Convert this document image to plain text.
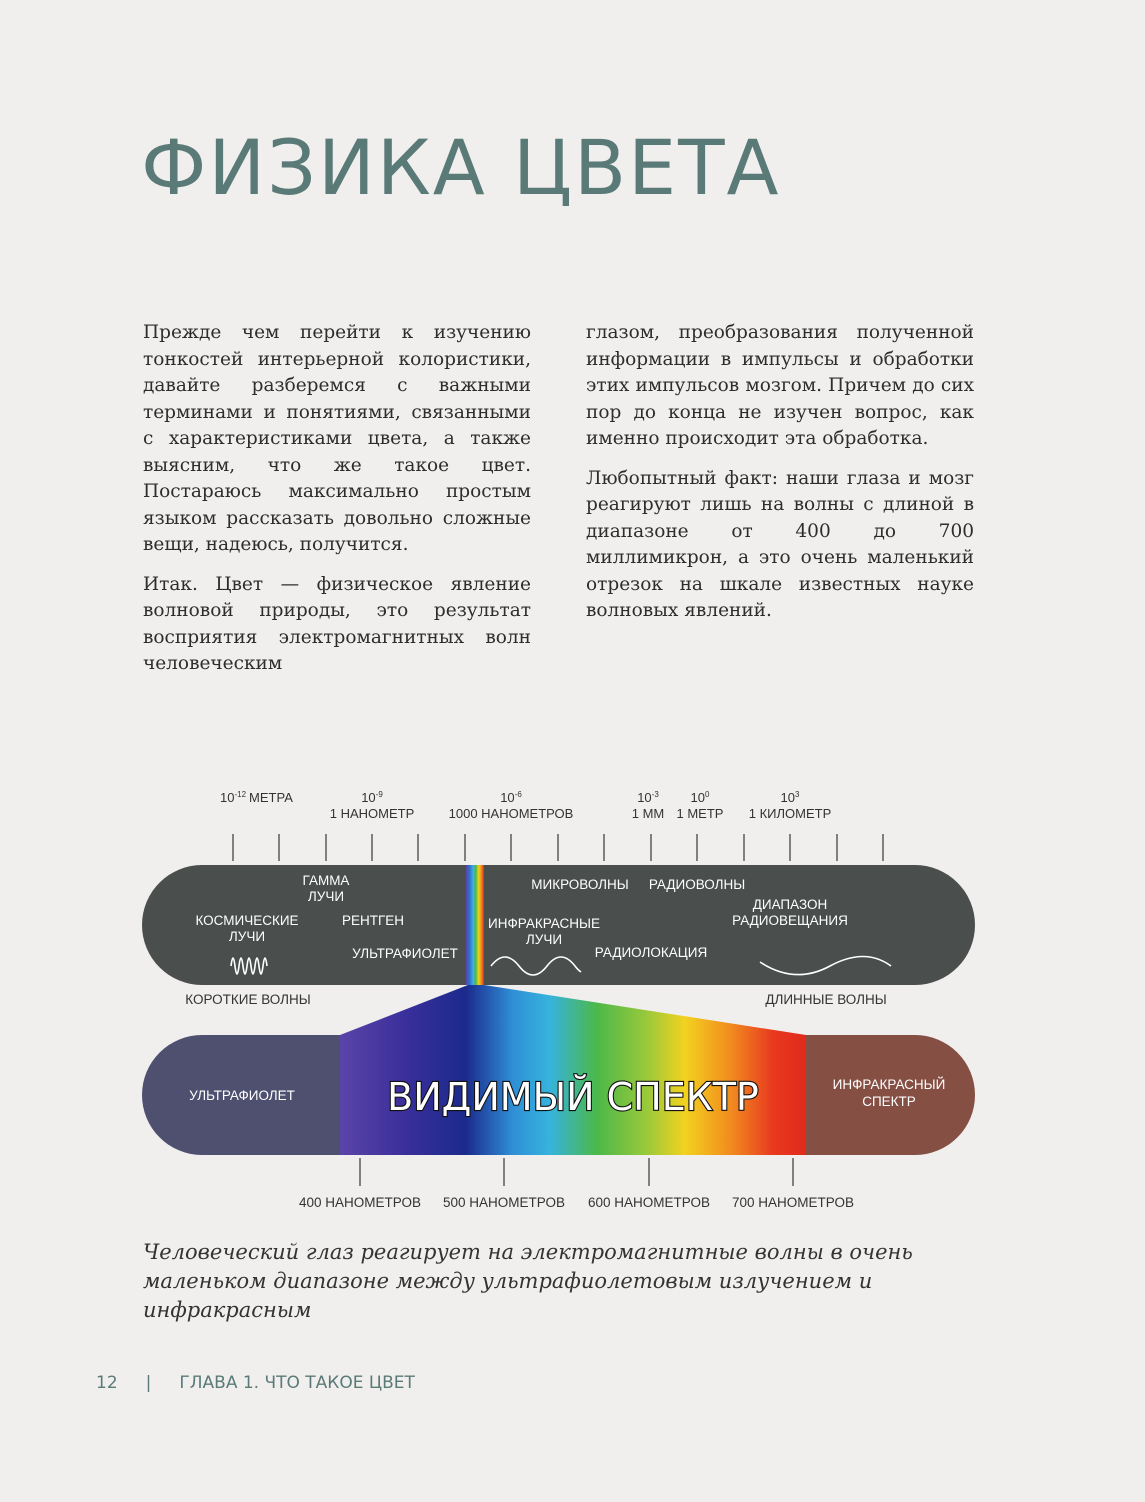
ФИЗИКА ЦВЕТА

Прежде чем перейти к изучению тонкостей интерьерной колористики, давайте разберемся с важными терминами и понятиями, связанными с характеристиками цвета, а также выясним, что же такое цвет. Постараюсь максимально простым языком рассказать довольно сложные вещи, надеюсь, получится.

Итак. Цвет — физическое явление волновой природы, это результат восприятия электромагнитных волн человеческим

глазом, преобразования полученной информации в импульсы и обработки этих импульсов мозгом. Причем до сих пор до конца не изучен вопрос, как именно происходит эта обработка.

Любопытный факт: наши глаза и мозг реагируют лишь на волны с длиной в диапазоне от 400 до 700 миллимикрон, а это очень маленький отрезок на шкале известных науке волновых явлений.

$10^{-12}$ МЕТРА	$10^{-9}$
1 НАНОМЕТР
$10^{-6}$
1000 НАНОМЕТРОВ
$10^{-3}$
1 ММ
$10^0$
1 МЕТР
$10^3$
1 КИЛОМЕТР
ГАММА
ЛУЧИ
КОСМИЧЕСКИЕ
ЛУЧИ
РЕНТГЕН
УЛЬТРАФИОЛЕТ
МИКРОВОЛНЫ РАДИОВОЛНЫ
ИНФРАКРАСНЫЕ
ЛУЧИ
РАДИОЛОКАЦИЯ
ДИАПАЗОН
РАДИОВЕЩАНИЯ
КОРОТКИЕ ВОЛНЫ	ДЛИННЫЕ ВОЛНЫ
УЛЬТРАФИОЛЕТ ВИДИМЫЙ СПЕКТР	ИНФРАКРАСНЫЙ
СПЕКТР
400 НАНОМЕТРОВ 500 НАНОМЕТРОВ 600 НАНОМЕТРОВ 700 НАНОМЕТРОВ

Человеческий глаз реагирует на электромагнитные волны в очень маленьком диапазоне между ультрафиолетовым излучением и инфракрасным

12 | ГЛАВА 1. ЧТО ТАКОЕ ЦВЕТ
